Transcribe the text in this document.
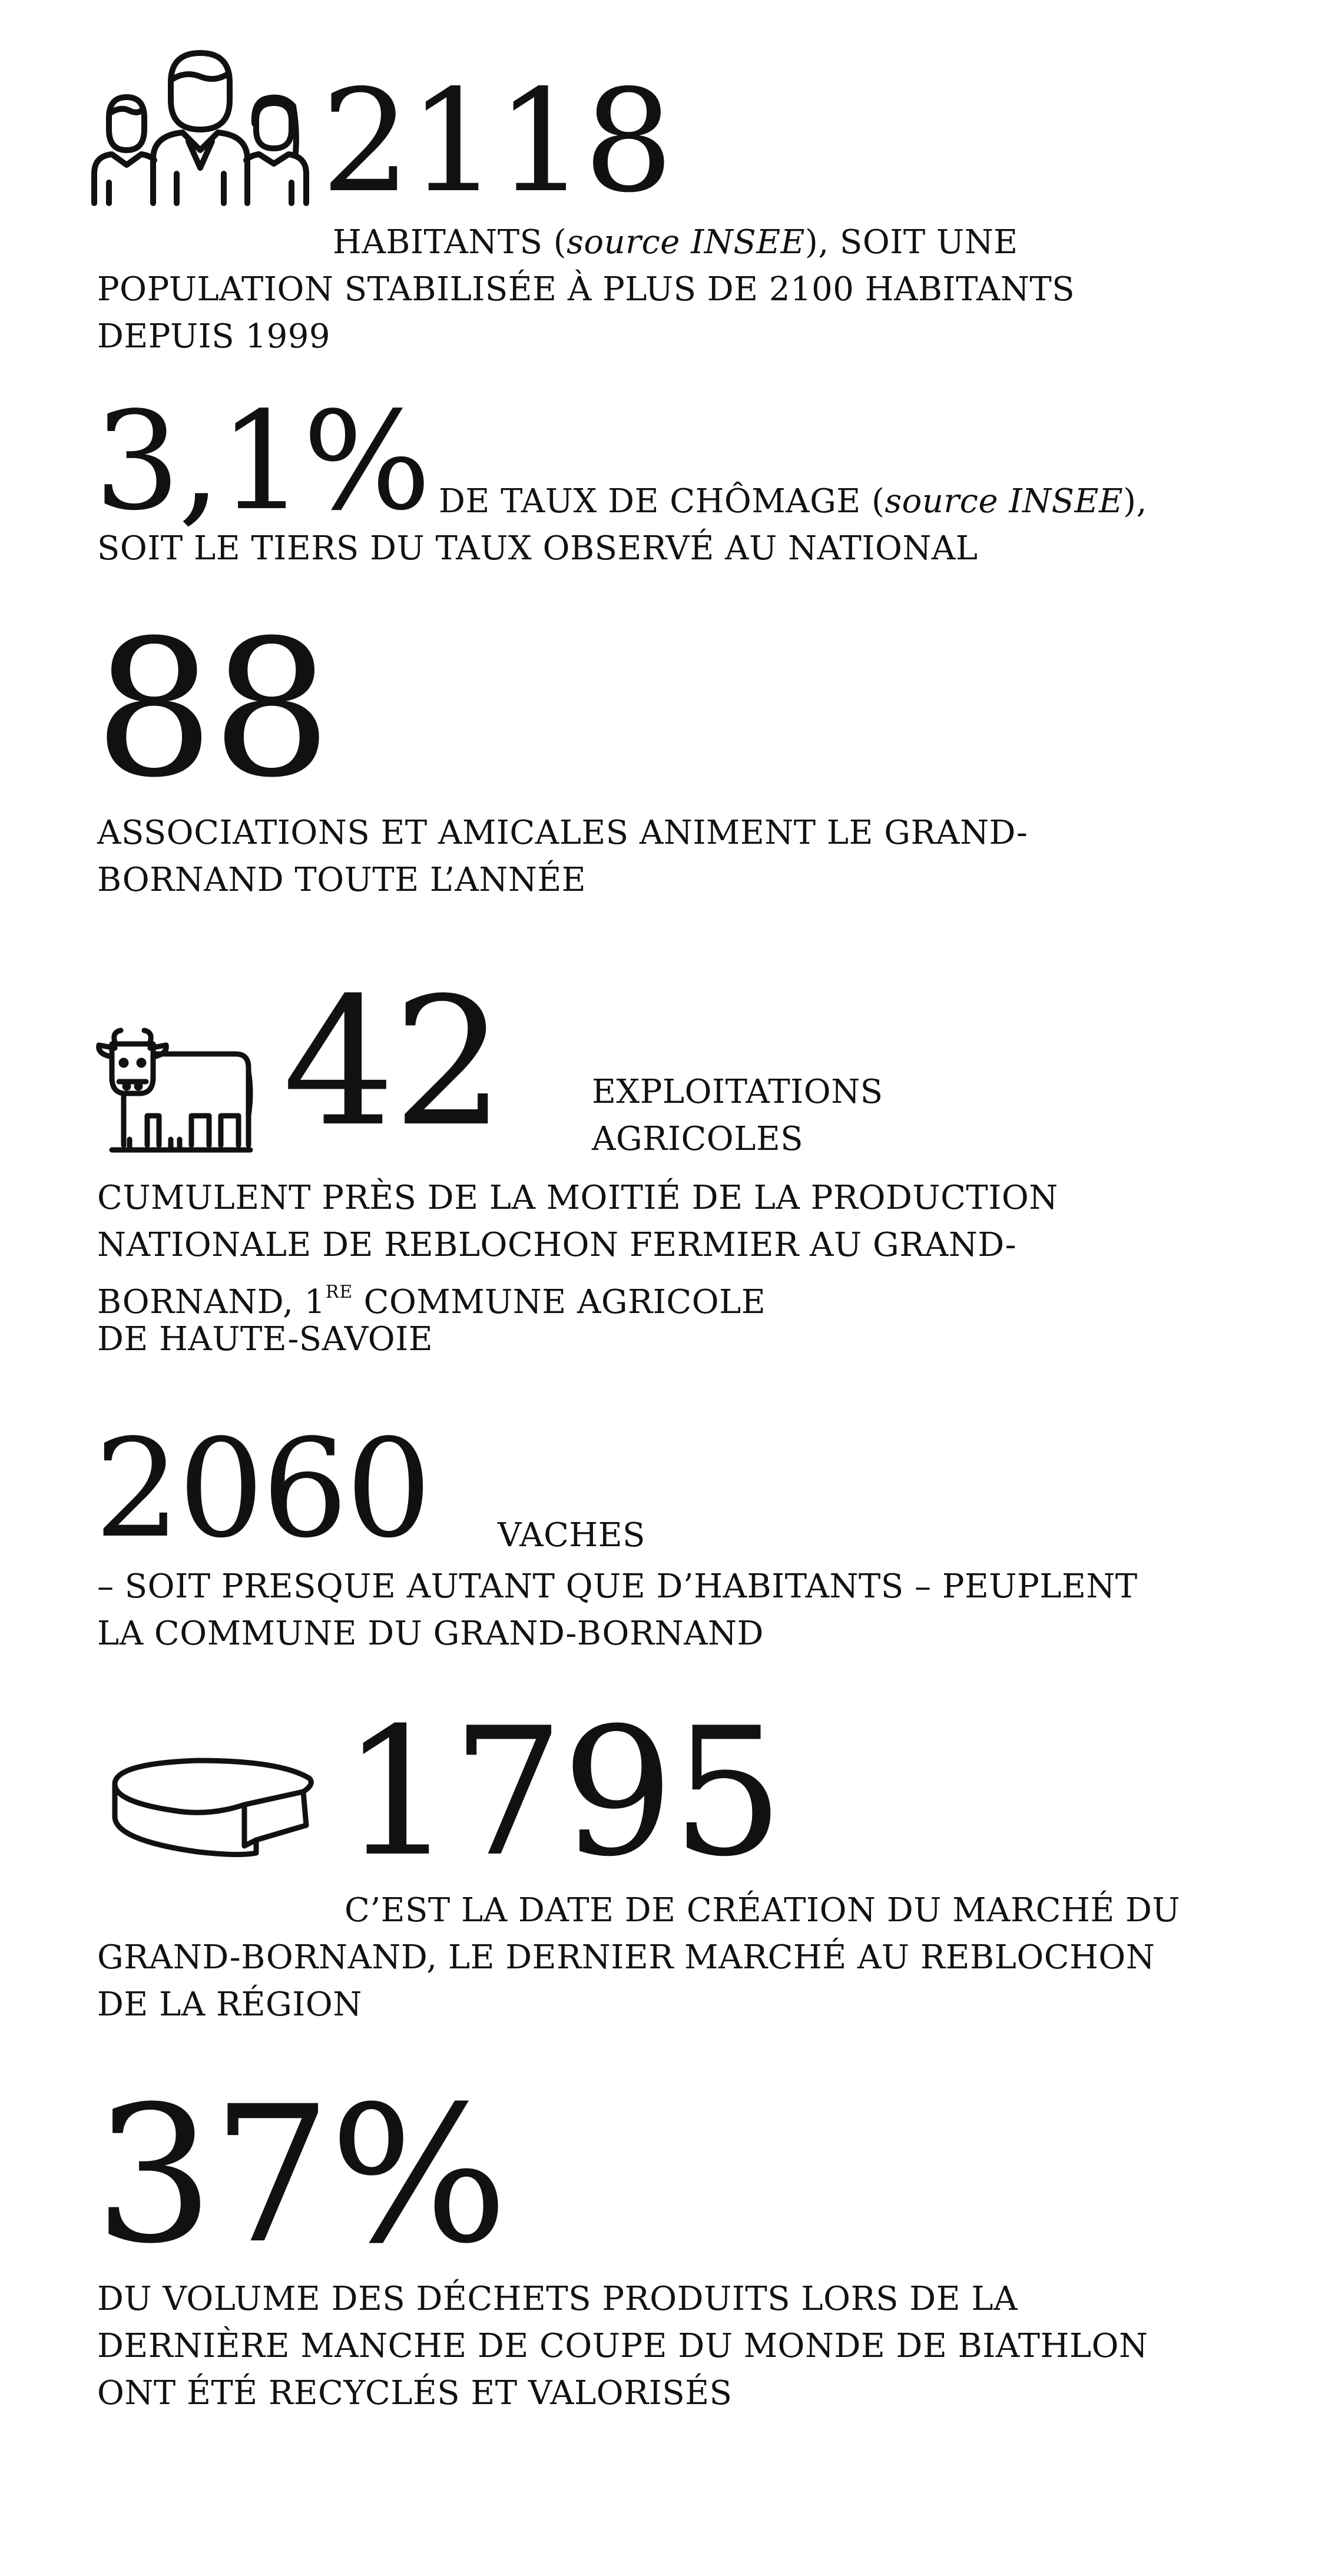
2118
HABITANTS (source INSEE), SOIT UNE
POPULATION STABILISÉE À PLUS DE 2100 HABITANTS
DEPUIS 1999
3,1% DE TAUX DE CHÔMAGE (source INSEE),
SOIT LE TIERS DU TAUX OBSERVÉ AU NATIONAL
88
ASSOCIATIONS ET AMICALES ANIMENT LE GRAND-
BORNAND TOUTE L’ANNÉE
42	EXPLOITATIONS
AGRICOLES
CUMULENT PRÈS DE LA MOITIÉ DE LA PRODUCTION
NATIONALE DE REBLOCHON FERMIER AU GRAND-
BORNAND, 1RE COMMUNE AGRICOLE
DE HAUTE-SAVOIE
2060 VACHES
– SOIT PRESQUE AUTANT QUE D’HABITANTS – PEUPLENT
LA COMMUNE DU GRAND-BORNAND
1795
C’EST LA DATE DE CRÉATION DU MARCHÉ DU
GRAND-BORNAND, LE DERNIER MARCHÉ AU REBLOCHON
DE LA RÉGION
37%
DU VOLUME DES DÉCHETS PRODUITS LORS DE LA
DERNIÈRE MANCHE DE COUPE DU MONDE DE BIATHLON
ONT ÉTÉ RECYCLÉS ET VALORISÉS
